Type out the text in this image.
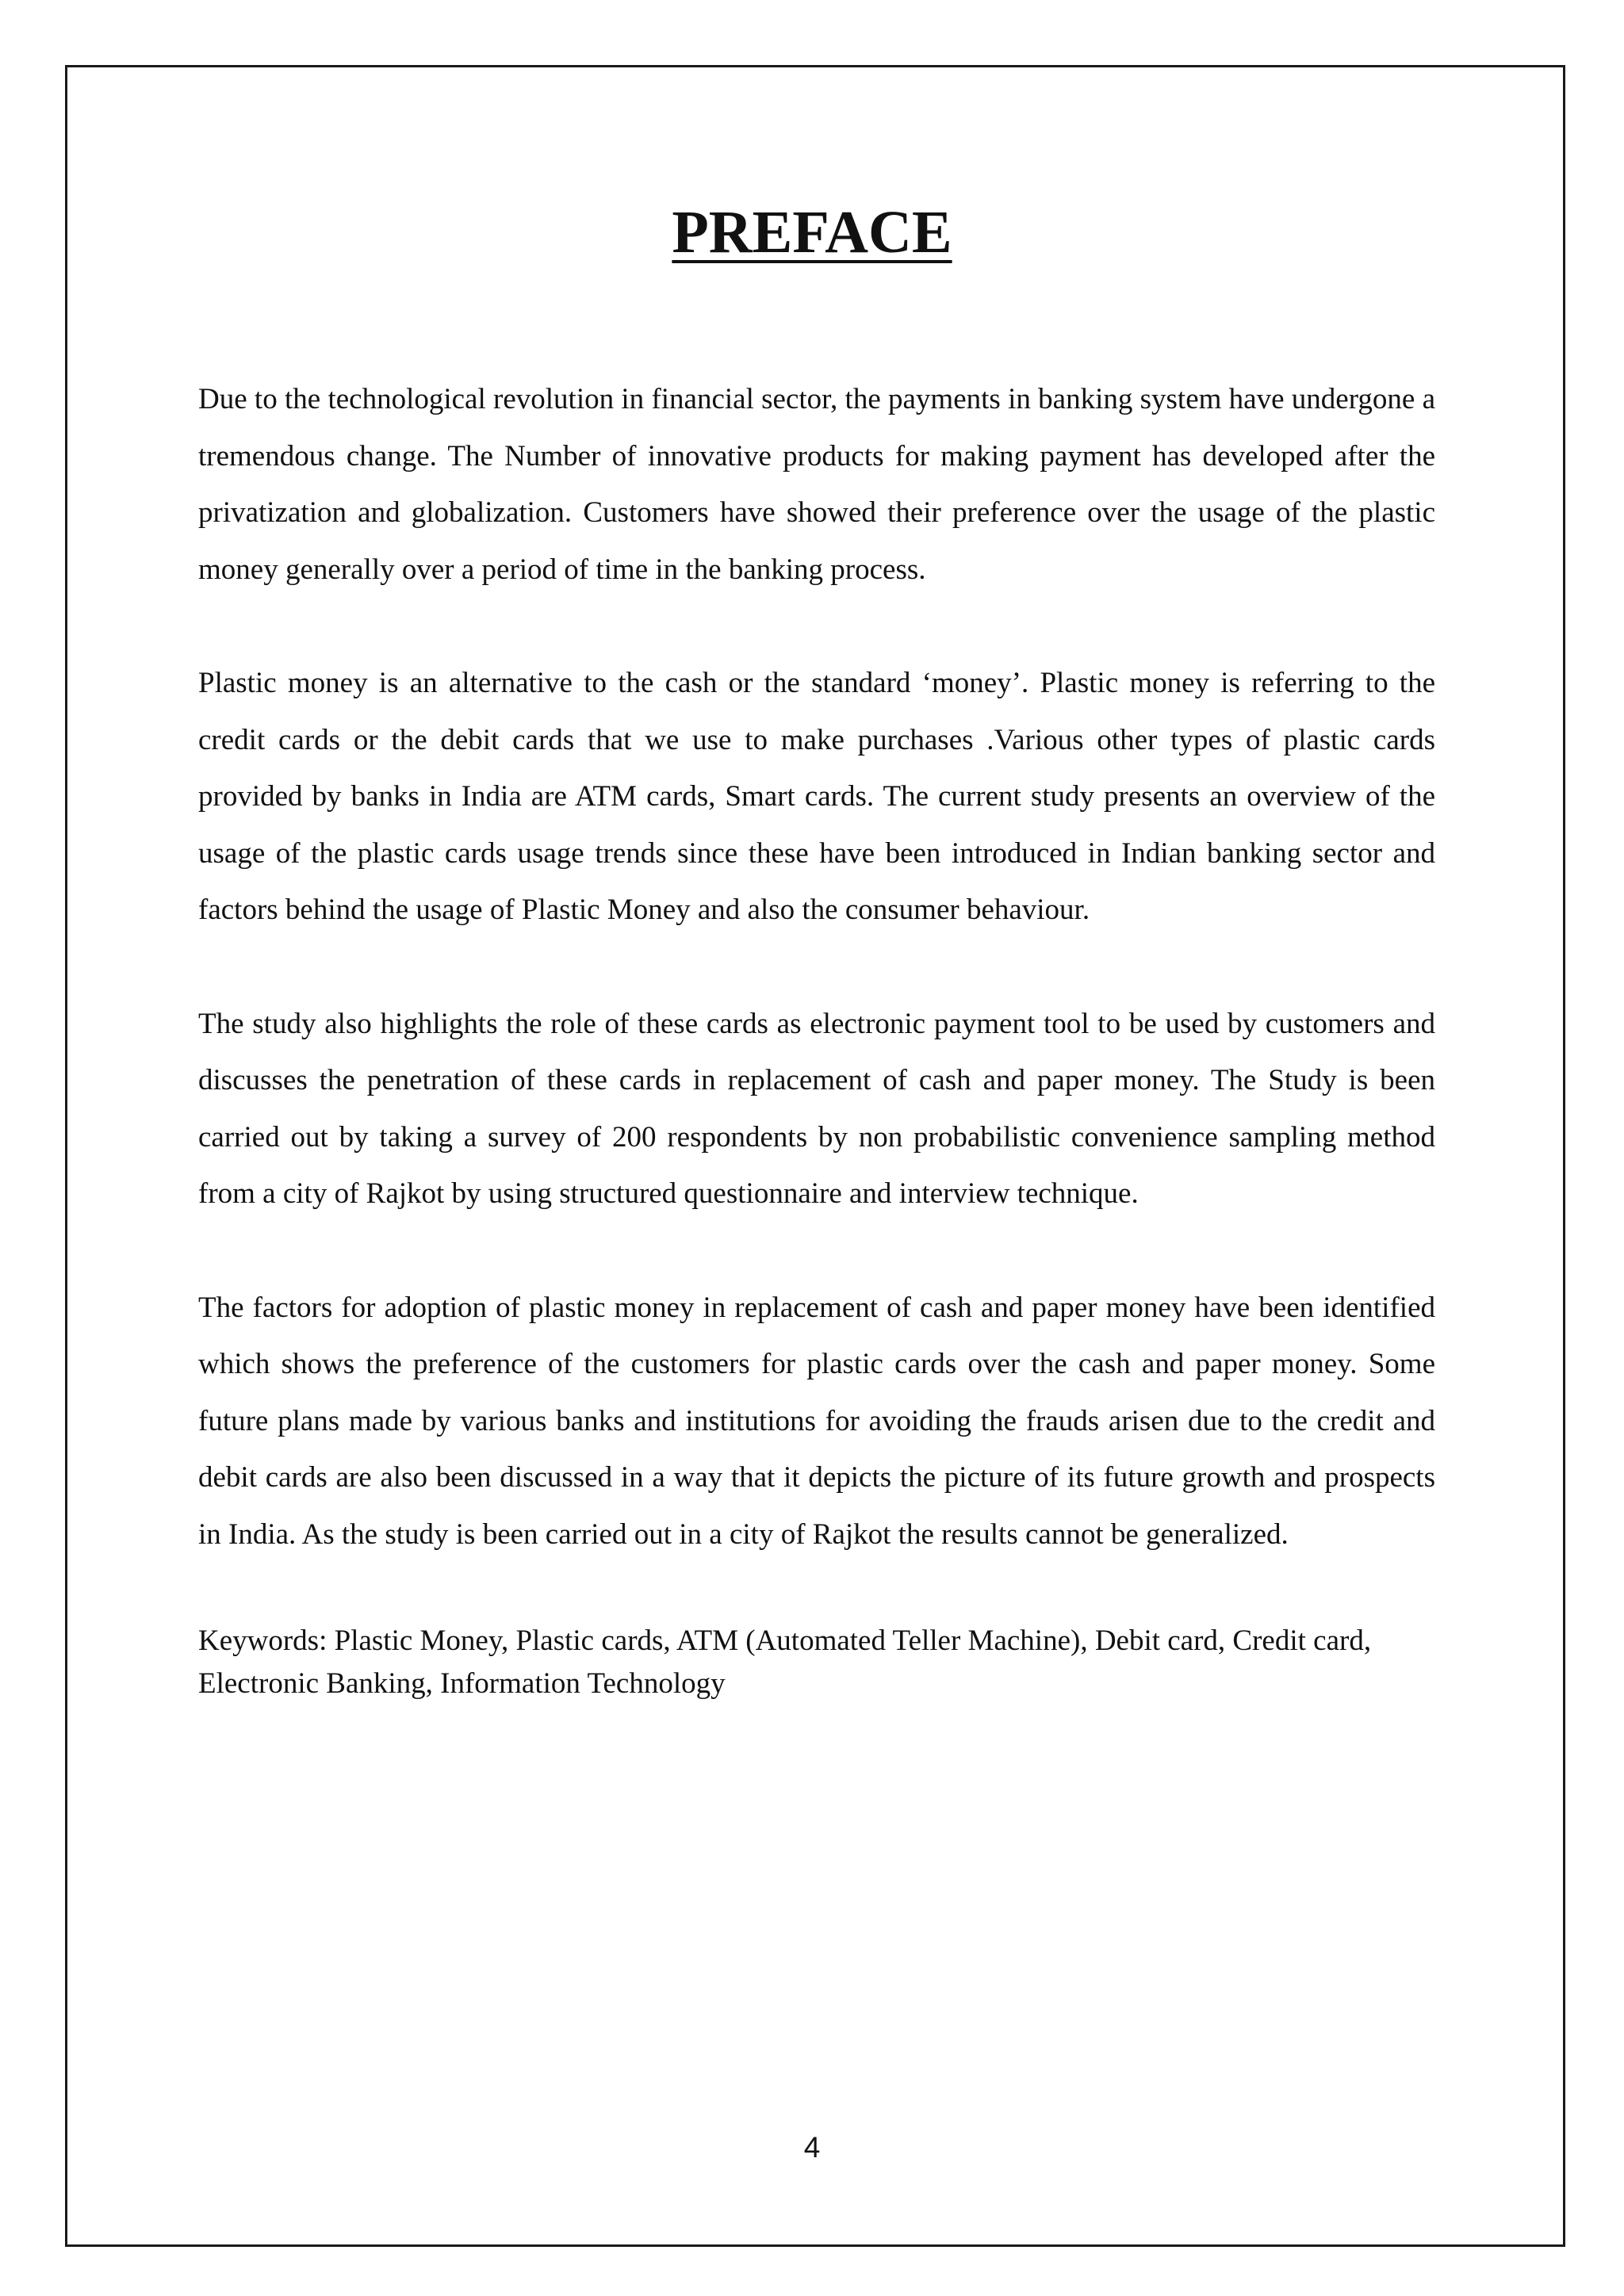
PREFACE

Due to the technological revolution in financial sector, the payments in banking system have undergone a tremendous change. The Number of innovative products for making payment has developed after the privatization and globalization. Customers have showed their preference over the usage of the plastic money generally over a period of time in the banking process.

Plastic money is an alternative to the cash or the standard ‘money’. Plastic money is referring to the credit cards or the debit cards that we use to make purchases .Various other types of plastic cards provided by banks in India are ATM cards, Smart cards. The current study presents an overview of the usage of the plastic cards usage trends since these have been introduced in Indian banking sector and factors behind the usage of Plastic Money and also the consumer behaviour.

The study also highlights the role of these cards as electronic payment tool to be used by customers and discusses the penetration of these cards in replacement of cash and paper money. The Study is been carried out by taking a survey of 200 respondents by non probabilistic convenience sampling method from a city of Rajkot by using structured questionnaire and interview technique.

The factors for adoption of plastic money in replacement of cash and paper money have been identified which shows the preference of the customers for plastic cards over the cash and paper money. Some future plans made by various banks and institutions for avoiding the frauds arisen due to the credit and debit cards are also been discussed in a way that it depicts the picture of its future growth and prospects in India. As the study is been carried out in a city of Rajkot the results cannot be generalized.

Keywords: Plastic Money, Plastic cards, ATM (Automated Teller Machine), Debit card, Credit card, Electronic Banking, Information Technology

4
